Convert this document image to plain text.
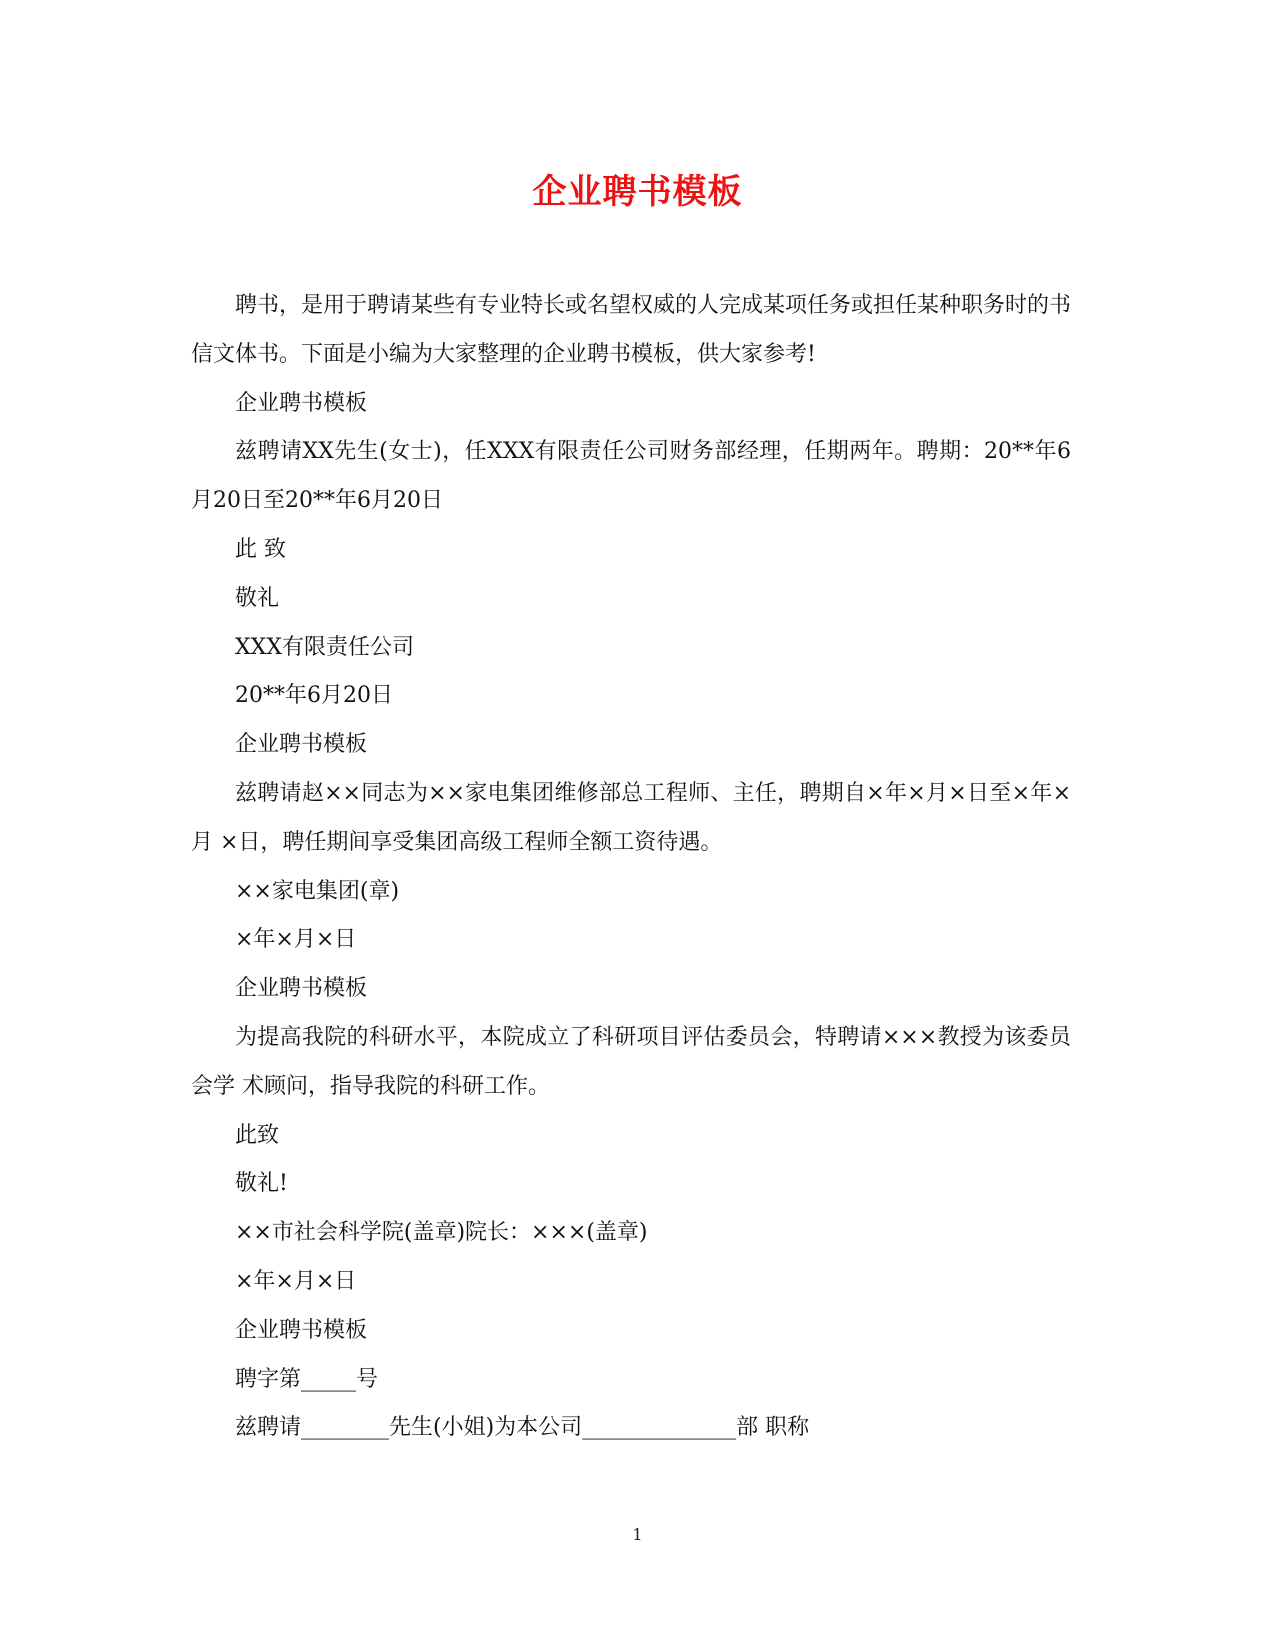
企业聘书模板

聘书，是用于聘请某些有专业特长或名望权威的人完成某项任务或担任某种职务时的书信文体书。下面是小编为大家整理的企业聘书模板，供大家参考!

企业聘书模板

兹聘请XX先生(女士)，任XXX有限责任公司财务部经理，任期两年。聘期：20**年6月20日至20**年6月20日

此 致

敬礼

XXX有限责任公司

20**年6月20日

企业聘书模板

兹聘请赵××同志为××家电集团维修部总工程师、主任，聘期自×年×月×日至×年×月 ×日，聘任期间享受集团高级工程师全额工资待遇。

××家电集团(章)

×年×月×日

企业聘书模板

为提高我院的科研水平，本院成立了科研项目评估委员会，特聘请×××教授为该委员会学 术顾问，指导我院的科研工作。

此致

敬礼!

××市社会科学院(盖章)院长：×××(盖章)

×年×月×日

企业聘书模板

聘字第_____号

兹聘请________先生(小姐)为本公司______________部 职称

1
